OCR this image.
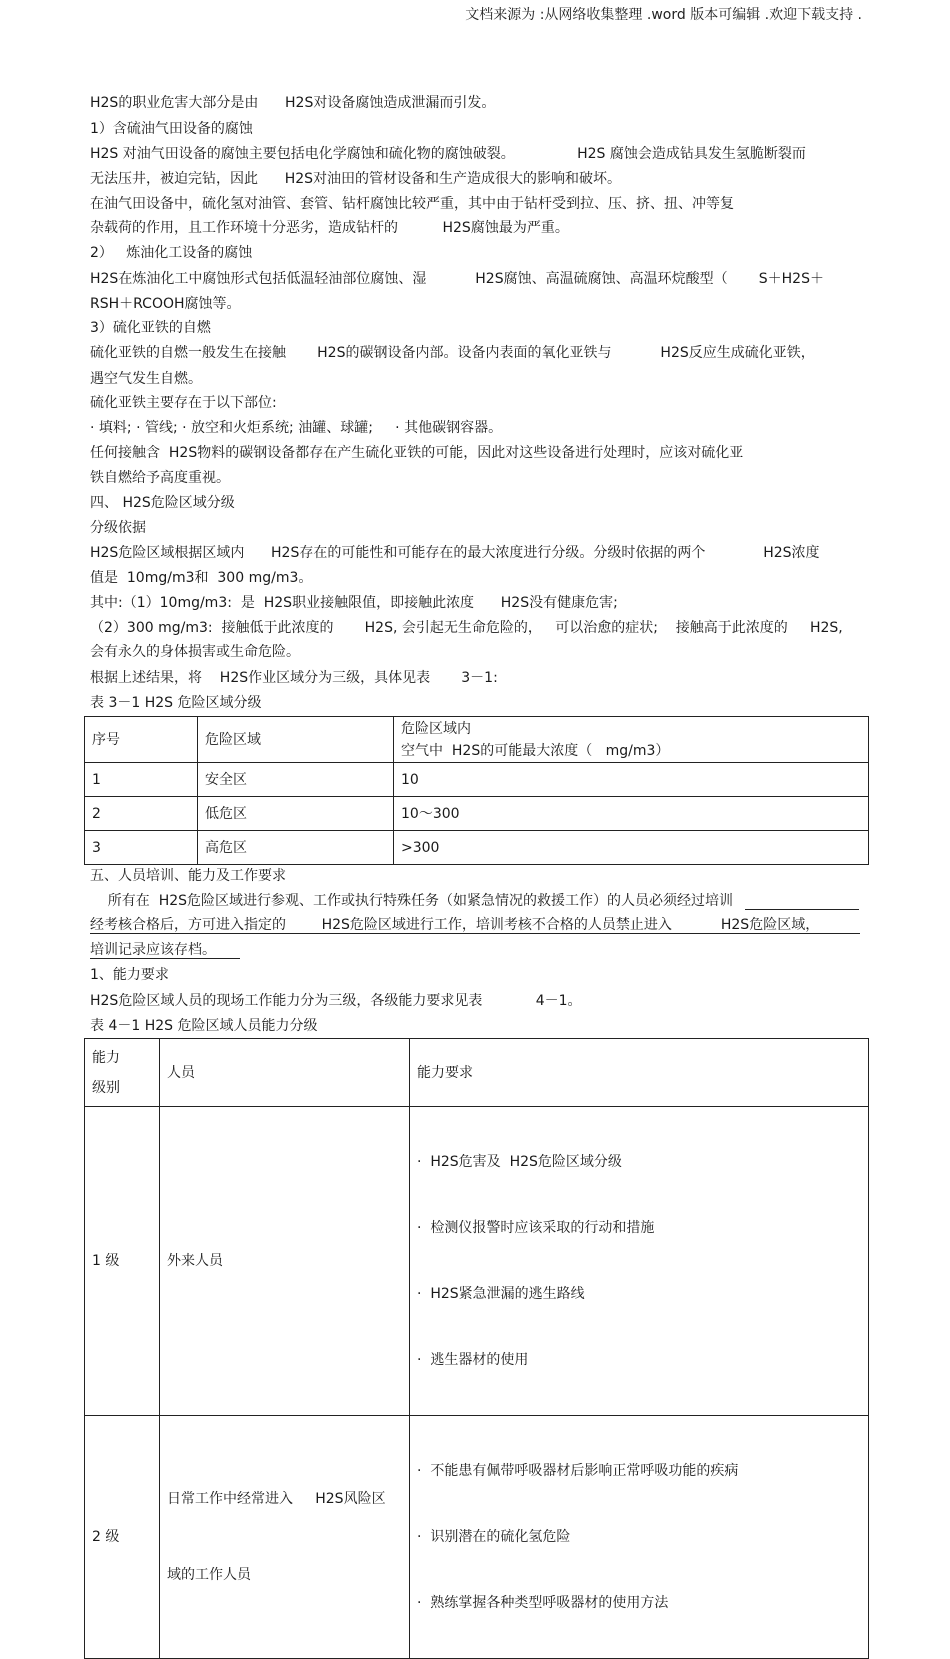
文档来源为 :从网络收集整理 .word 版本可编辑 .欢迎下载支持 .
H2S的职业危害大部分是由      H2S对设备腐蚀造成泄漏而引发。
1）含硫油气田设备的腐蚀
H2S 对油气田设备的腐蚀主要包括电化学腐蚀和硫化物的腐蚀破裂。              H2S 腐蚀会造成钻具发生氢脆断裂而
无法压井，被迫完钻，因此      H2S对油田的管材设备和生产造成很大的影响和破坏。
在油气田设备中，硫化氢对油管、套管、钻杆腐蚀比较严重，其中由于钻杆受到拉、压、挤、扭、冲等复
杂载荷的作用，且工作环境十分恶劣，造成钻杆的          H2S腐蚀最为严重。
2）   炼油化工设备的腐蚀
H2S在炼油化工中腐蚀形式包括低温轻油部位腐蚀、湿           H2S腐蚀、高温硫腐蚀、高温环烷酸型（       S＋H2S＋
RSH＋RCOOH腐蚀等。
3）硫化亚铁的自燃
硫化亚铁的自燃一般发生在接触       H2S的碳钢设备内部。设备内表面的氧化亚铁与           H2S反应生成硫化亚铁，
遇空气发生自燃。
硫化亚铁主要存在于以下部位:
· 填料; · 管线; · 放空和火炬系统; 油罐、球罐;     · 其他碳钢容器。
任何接触含  H2S物料的碳钢设备都存在产生硫化亚铁的可能，因此对这些设备进行处理时，应该对硫化亚
铁自燃给予高度重视。
四、 H2S危险区域分级
分级依据
H2S危险区域根据区域内      H2S存在的可能性和可能存在的最大浓度进行分级。分级时依据的两个             H2S浓度
值是  10mg/m3和  300 mg/m3。
其中:（1）10mg/m3:  是  H2S职业接触限值，即接触此浓度      H2S没有健康危害;
（2）300 mg/m3:  接触低于此浓度的       H2S, 会引起无生命危险的，   可以治愈的症状;    接触高于此浓度的     H2S,
会有永久的身体损害或生命危险。
根据上述结果，将    H2S作业区域分为三级，具体见表       3－1:
表 3－1 H2S 危险区域分级
序号	危险区域	危险区域内
空气中  H2S的可能最大浓度（   mg/m3）

1	安全区	10
2	低危区	10～300
3	高危区	>300
五、人员培训、能力及工作要求
所有在  H2S危险区域进行参观、工作或执行特殊任务（如紧急情况的救援工作）的人员必须经过培训
经考核合格后，方可进入指定的        H2S危险区域进行工作，培训考核不合格的人员禁止进入           H2S危险区域，
培训记录应该存档。
1、能力要求
H2S危险区域人员的现场工作能力分为三级，各级能力要求见表            4－1。
表 4－1 H2S 危险区域人员能力分级
能力
级别	人员	能力要求
1 级	外来人员	·  H2S危害及  H2S危险区域分级

·  检测仪报警时应该采取的行动和措施

·  H2S紧急泄漏的逃生路线

·  逃生器材的使用

2 级	日常工作中经常进入     H2S风险区

域的工作人员	·  不能患有佩带呼吸器材后影响正常呼吸功能的疾病

·  识别潜在的硫化氢危险

·  熟练掌握各种类型呼吸器材的使用方法
